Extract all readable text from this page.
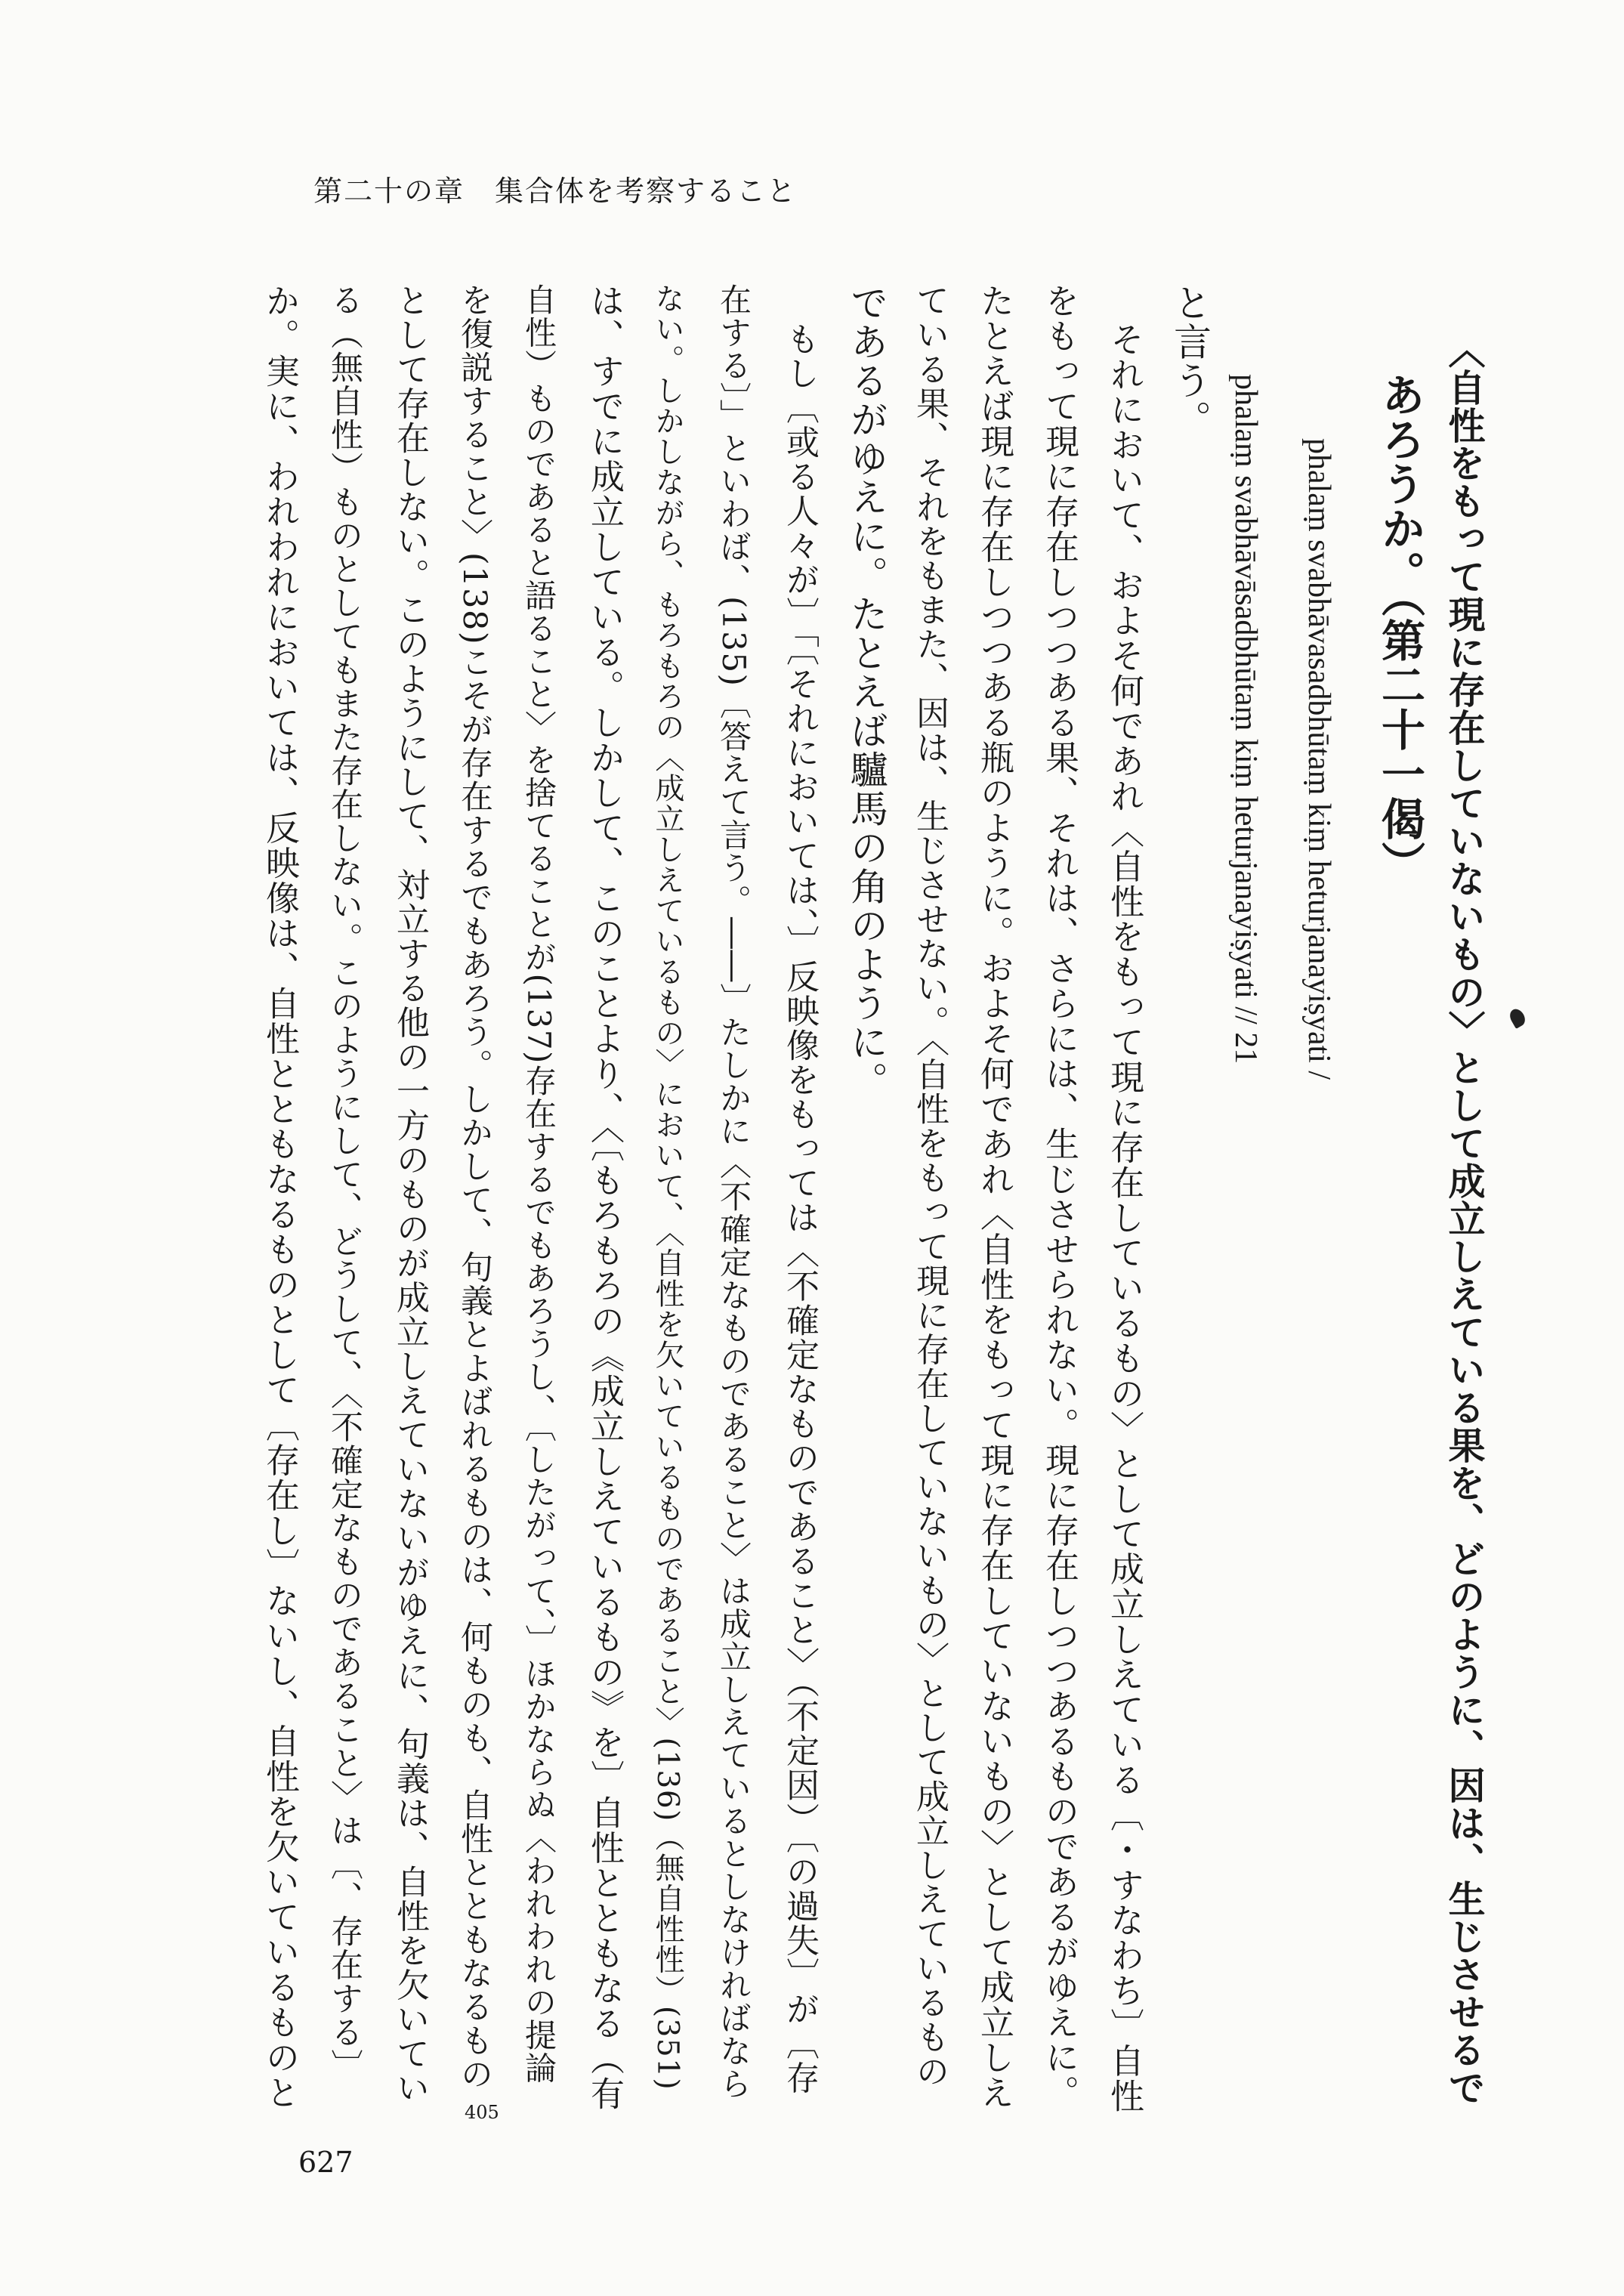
第二十の章　集合体を考察すること
〈自性をもって現に存在していないもの〉として成立しえている果を、どのように、因は、生じさせるで
あろうか。（第二十一偈）
phalaṃ svabhāvasadbhūtaṃ kiṃ heturjanayiṣyati /
phalaṃ svabhāvāsadbhūtaṃ kiṃ heturjanayiṣyati // 21
と言う。
それにおいて、およそ何であれ〈自性をもって現に存在しているもの〉として成立しえている〔・すなわち〕自性
をもって現に存在しつつある果、それは、さらには、生じさせられない。現に存在しつつあるものであるがゆえに。
たとえば現に存在しつつある瓶のように。およそ何であれ〈自性をもって現に存在していないもの〉として成立しえ
ている果、それをもまた、因は、生じさせない。〈自性をもって現に存在していないもの〉として成立しえているもの
であるがゆえに。たとえば驢馬の角のように。
もし〔或る人々が〕「〔それにおいては、〕反映像をもっては〈不確定なものであること〉（不定因）〔の過失〕が〔存
在する〕」といわば、(135)〔答えて言う。――〕たしかに〈不確定なものであること〉は成立しえているとしなければなら
ない。しかしながら、もろもろの〈成立しえているもの〉において、〈自性を欠いているものであること〉(136)（無自性性）(351)
は、すでに成立している。しかして、このことより、〈〔もろもろの《成立しえているもの》を〕自性とともなる（有
自性）ものであると語ること〉を捨てることが(137)存在するでもあろうし、〔したがって、〕ほかならぬ〈われわれの提論
を復説すること〉(138)こそが存在するでもあろう。しかして、句義とよばれるものは、何ものも、自性とともなるもの
として存在しない。このようにして、対立する他の一方のものが成立しえていないがゆえに、句義は、自性を欠いてい
る（無自性）ものとしてもまた存在しない。このようにして、どうして、〈不確定なものであること〉は〔、存在する〕
か。実に、われわれにおいては、反映像は、自性とともなるものとして〔存在し〕ないし、自性を欠いているものと
405
627
